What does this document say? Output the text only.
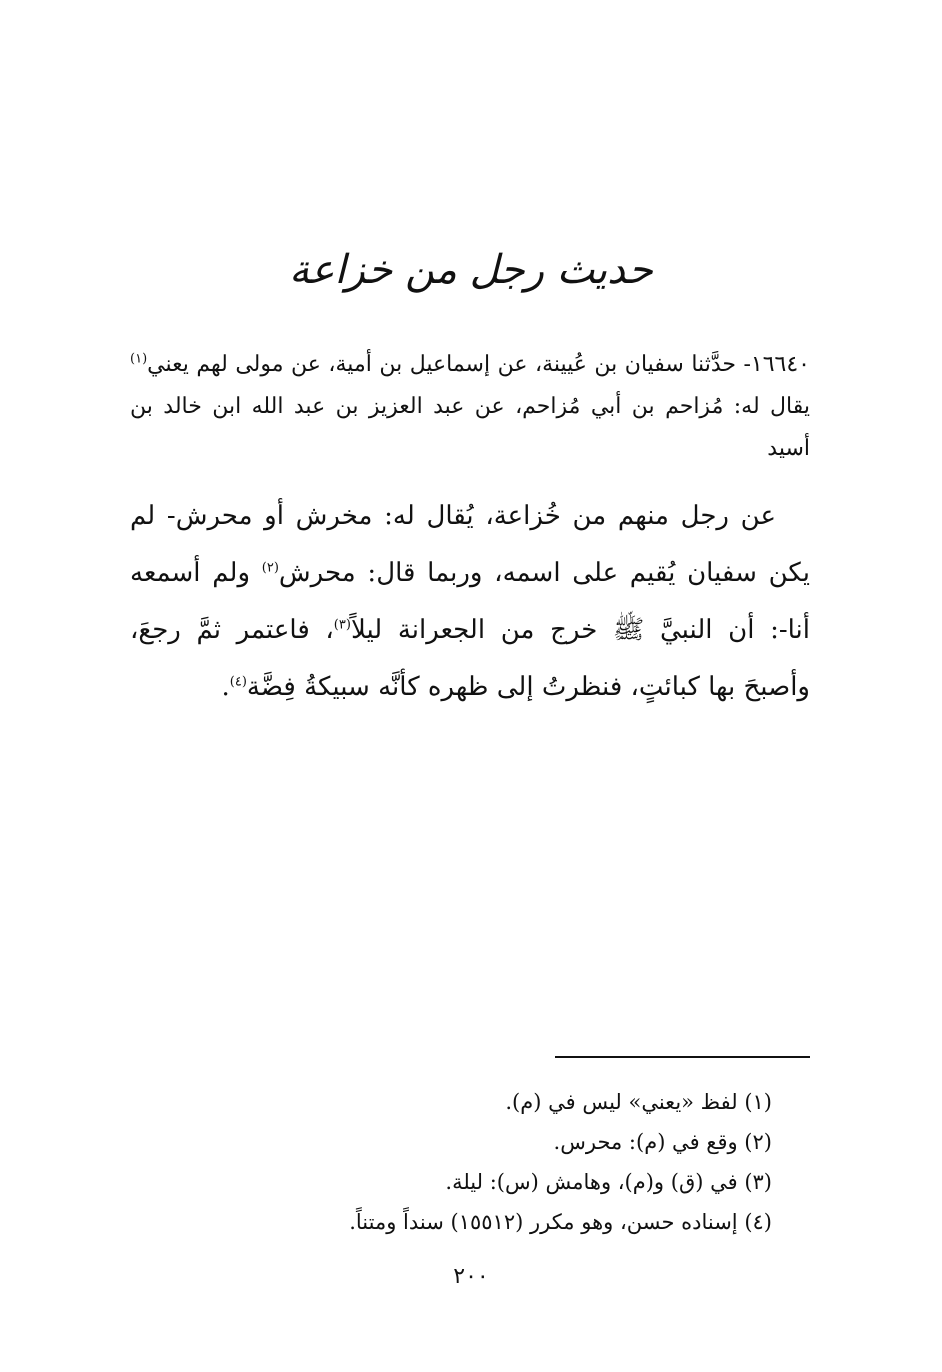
حديث رجل من خزاعة

١٦٦٤٠- حدَّثنا سفيان بن عُيينة، عن إسماعيل بن أمية، عن مولى لهم يعني$^{(١)}$ يقال له: مُزاحم بن أبي مُزاحم، عن عبد العزيز بن عبد الله ابن خالد بن أسيد

عن رجل منهم من خُزاعة، يُقال له: مخرش أو محرش- لم يكن سفيان يُقيم على اسمه، وربما قال: محرش$^{(٢)}$ ولم أسمعه أنا-: أن النبيَّ ﷺ خرج من الجعرانة ليلاً$^{(٣)}$، فاعتمر ثمَّ رجعَ، وأصبحَ بها كبائتٍ، فنظرتُ إلى ظهره كأنَّه سبيكةُ فِضَّة$^{(٤)}$.

(١) لفظ «يعني» ليس في (م).
(٢) وقع في (م): محرس.
(٣) في (ق) و(م)، وهامش (س): ليلة.
(٤) إسناده حسن، وهو مكرر (١٥٥١٢) سنداً ومتناً.
٢٠٠
